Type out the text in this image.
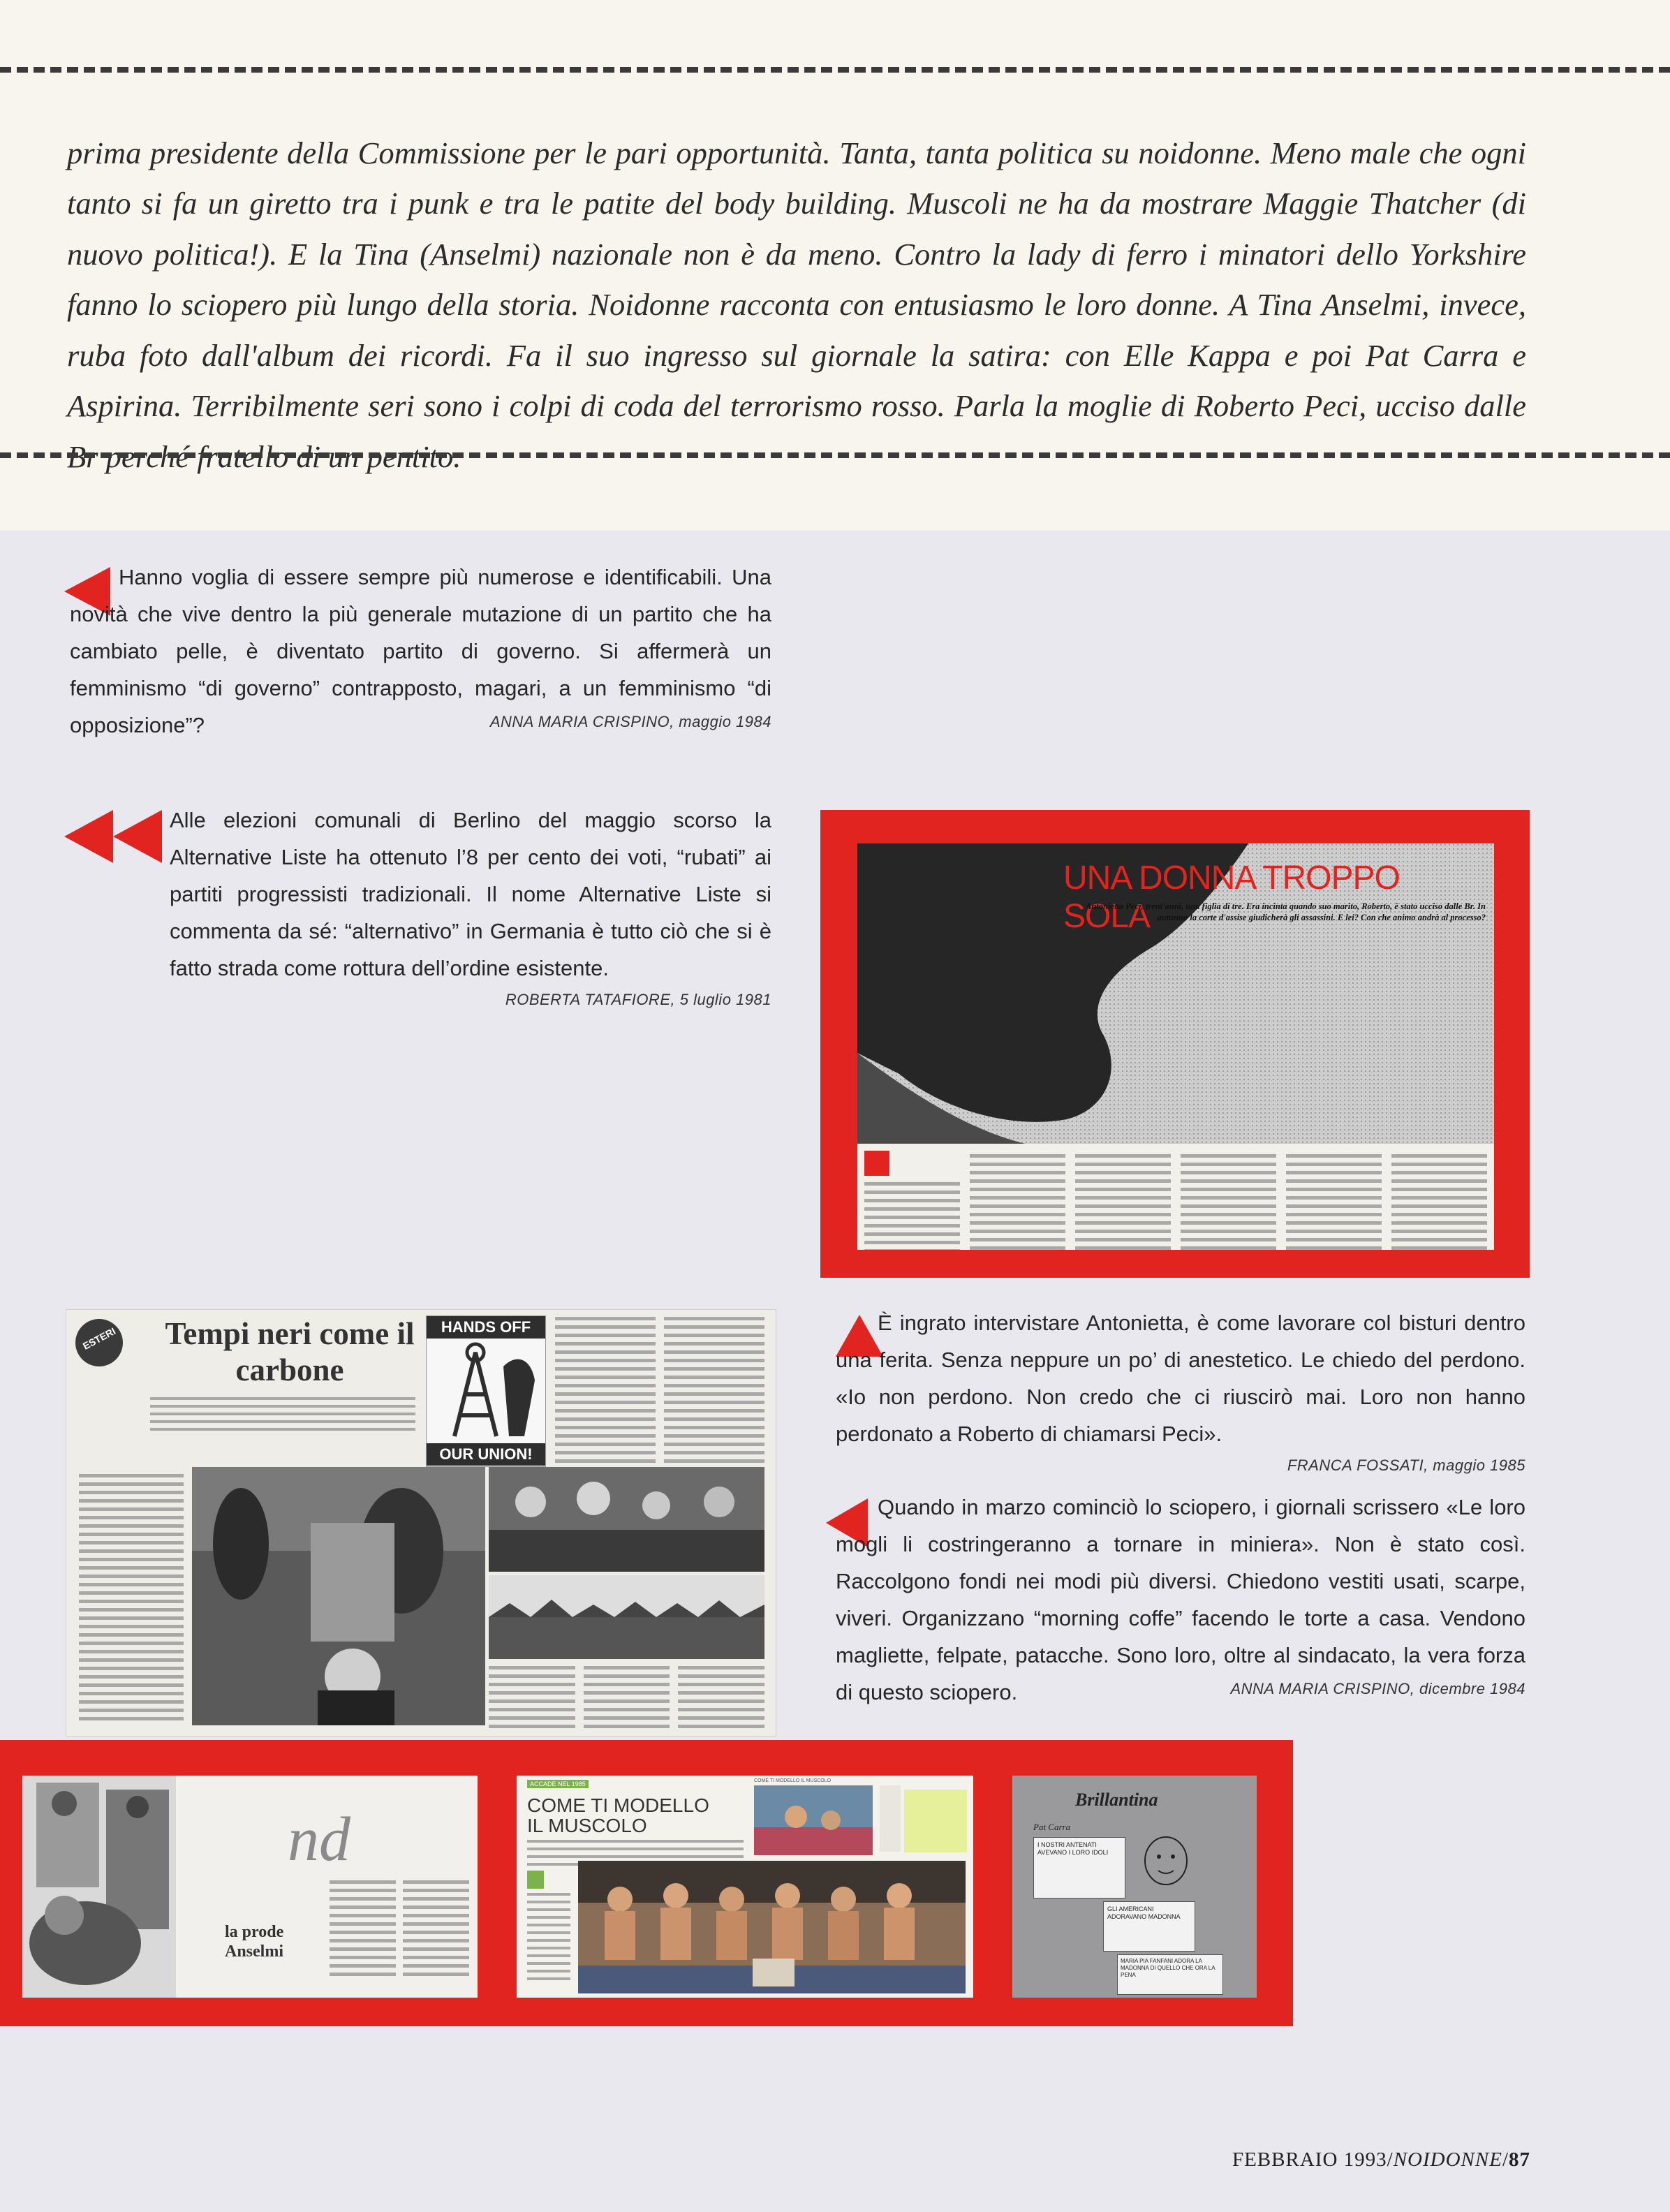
prima presidente della Commissione per le pari opportunità. Tanta, tanta politica su noidonne. Meno male che ogni tanto si fa un giretto tra i punk e tra le patite del body building. Muscoli ne ha da mostrare Maggie Thatcher (di nuovo politica!). E la Tina (Anselmi) nazionale non è da meno. Contro la lady di ferro i minatori dello Yorkshire fanno lo sciopero più lungo della storia. Noidonne racconta con entusiasmo le loro donne. A Tina Anselmi, invece, ruba foto dall'album dei ricordi. Fa il suo ingresso sul giornale la satira: con Elle Kappa e poi Pat Carra e Aspirina. Terribilmente seri sono i colpi di coda del terrorismo rosso. Parla la moglie di Roberto Peci, ucciso dalle Br perché fratello di un pentito.

Hanno voglia di essere sempre più numerose e identificabili. Una novità che vive dentro la più generale mutazione di un partito che ha cambiato pelle, è diventato partito di governo. Si affermerà un femminismo “di governo” contrapposto, magari, a un femminismo “di opposizione”?	ANNA MARIA CRISPINO, maggio 1984
Alle elezioni comunali di Berlino del maggio scorso la Alternative Liste ha ottenuto l’8 per cento dei voti, “rubati” ai partiti progressisti tradizionali. Il nome Alternative Liste si commenta da sé: “alternativo” in Germania è tutto ciò che si è fatto strada come rottura dell’ordine esistente.
ROBERTA TATAFIORE, 5 luglio 1981
UNA DONNA TROPPO SOLA
Antonietta Peci, trent'anni, una figlia di tre. Era incinta quando suo marito, Roberto, è stato ucciso dalle Br. In autunno la corte d'assise giudicherà gli assassini. E lei? Con che animo andrà al processo?
ESTERI	Tempi neri come il carbone
HANDS OFF
OUR UNION!
È ingrato intervistare Antonietta, è come lavorare col bisturi dentro una ferita. Senza neppure un po’ di anestetico. Le chiedo del perdono. «Io non perdono. Non credo che ci riuscirò mai. Loro non hanno perdonato a Roberto di chiamarsi Peci».
FRANCA FOSSATI, maggio 1985
Quando in marzo cominciò lo sciopero, i giornali scrissero «Le loro mogli li costringeranno a tornare in miniera». Non è stato così. Raccolgono fondi nei modi più diversi. Chiedono vestiti usati, scarpe, viveri. Organizzano “morning coffe” facendo le torte a casa. Vendono magliette, felpate, patacche. Sono loro, oltre al sindacato, la vera forza di questo sciopero.	ANNA MARIA CRISPINO, dicembre 1984
nd
la prode Anselmi
ACCADE NEL 1985
COME TI MODELLO IL MUSCOLO
COME TI MODELLO IL MUSCOLO
Brillantina
Pat Carra
I NOSTRI ANTENATI AVEVANO I LORO IDOLI
GLI AMERICANI ADORAVANO MADONNA
MARIA PIA FANFANI ADORA LA MADONNA DI QUELLO CHE ORA LA PENA
FEBBRAIO 1993/NOIDONNE/87
